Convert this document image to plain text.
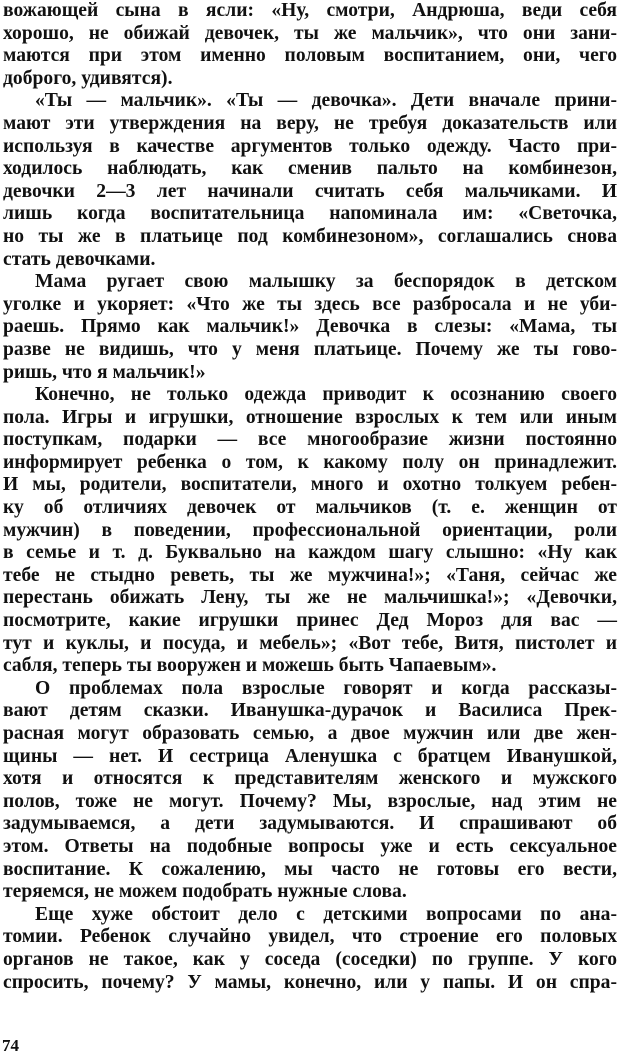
вожающей сына в ясли: «Ну, смотри, Андрюша, веди себя
хорошо, не обижай девочек, ты же мальчик», что они зани-
маются при этом именно половым воспитанием, они, чего
доброго, удивятся).
«Ты — мальчик». «Ты — девочка». Дети вначале прини-
мают эти утверждения на веру, не требуя доказательств или
используя в качестве аргументов только одежду. Часто при-
ходилось наблюдать, как сменив пальто на комбинезон,
девочки 2—3 лет начинали считать себя мальчиками. И
лишь когда воспитательница напоминала им: «Светочка,
но ты же в платьице под комбинезоном», соглашались снова
стать девочками.
Мама ругает свою малышку за беспорядок в детском
уголке и укоряет: «Что же ты здесь все разбросала и не уби-
раешь. Прямо как мальчик!» Девочка в слезы: «Мама, ты
разве не видишь, что у меня платьице. Почему же ты гово-
ришь, что я мальчик!»
Конечно, не только одежда приводит к осознанию своего
пола. Игры и игрушки, отношение взрослых к тем или иным
поступкам, подарки — все многообразие жизни постоянно
информирует ребенка о том, к какому полу он принадлежит.
И мы, родители, воспитатели, много и охотно толкуем ребен-
ку об отличиях девочек от мальчиков (т. е. женщин от
мужчин) в поведении, профессиональной ориентации, роли
в семье и т. д. Буквально на каждом шагу слышно: «Ну как
тебе не стыдно реветь, ты же мужчина!»; «Таня, сейчас же
перестань обижать Лену, ты же не мальчишка!»; «Девочки,
посмотрите, какие игрушки принес Дед Мороз для вас —
тут и куклы, и посуда, и мебель»; «Вот тебе, Витя, пистолет и
сабля, теперь ты вооружен и можешь быть Чапаевым».
О проблемах пола взрослые говорят и когда рассказы-
вают детям сказки. Иванушка-дурачок и Василиса Прек-
расная могут образовать семью, а двое мужчин или две жен-
щины — нет. И сестрица Аленушка с братцем Иванушкой,
хотя и относятся к представителям женского и мужского
полов, тоже не могут. Почему? Мы, взрослые, над этим не
задумываемся, а дети задумываются. И спрашивают об
этом. Ответы на подобные вопросы уже и есть сексуальное
воспитание. К сожалению, мы часто не готовы его вести,
теряемся, не можем подобрать нужные слова.
Еще хуже обстоит дело с детскими вопросами по ана-
томии. Ребенок случайно увидел, что строение его половых
органов не такое, как у соседа (соседки) по группе. У кого
спросить, почему? У мамы, конечно, или у папы. И он спра-
74
